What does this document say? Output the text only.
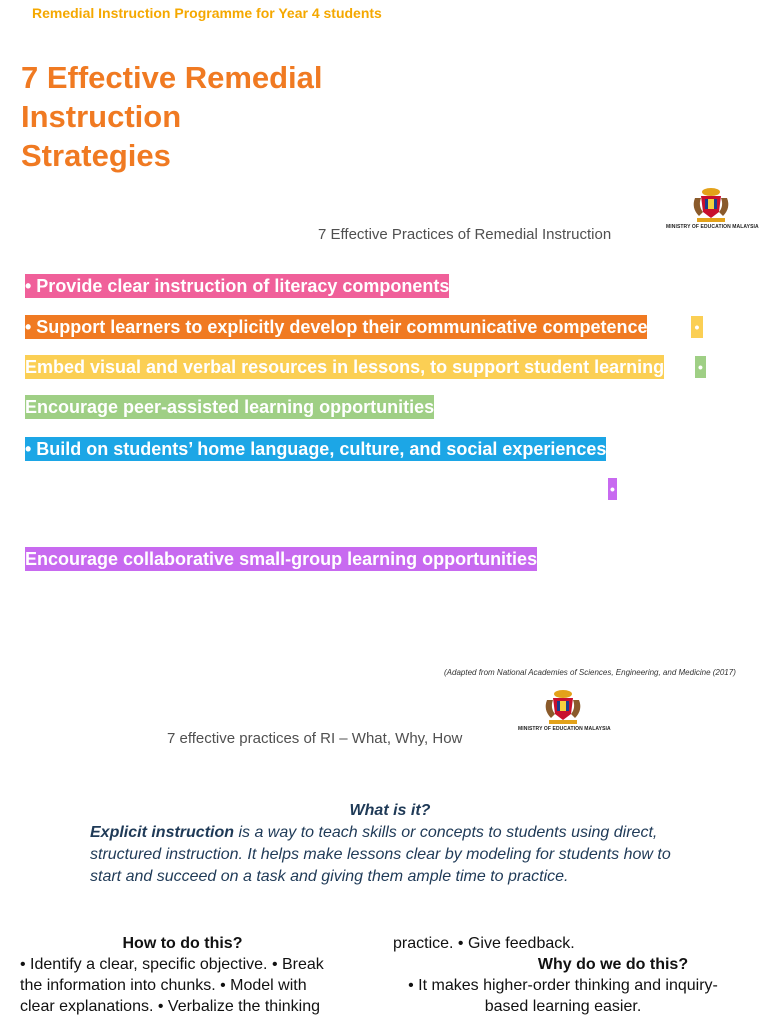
Remedial Instruction Programme for Year 4 students
7 Effective Remedial
Instruction
Strategies
7 Effective Practices of Remedial Instruction	MINISTRY OF EDUCATION MALAYSIA
• Provide clear instruction of literacy components
• Support learners to explicitly develop their communicative competence	•
Embed visual and verbal resources in lessons, to support student learning •
Encourage peer-assisted learning opportunities
• Build on students’ home language, culture, and social experiences
•
Encourage collaborative small-group learning opportunities
(Adapted from National Academies of Sciences, Engineering, and Medicine (2017)
7 effective practices of RI – What, Why, How
MINISTRY OF EDUCATION MALAYSIA
What is it?
Explicit instruction is a way to teach skills or concepts to students using direct, structured instruction. It helps make lessons clear by modeling for students how to start and succeed on a task and giving them ample time to practice.
How to do this?
• Identify a clear, specific objective. • Break the information into chunks. • Model with clear explanations. • Verbalize the thinking
practice. • Give feedback.
Why do we do this?
• It makes higher-order thinking and inquiry-based learning easier.
